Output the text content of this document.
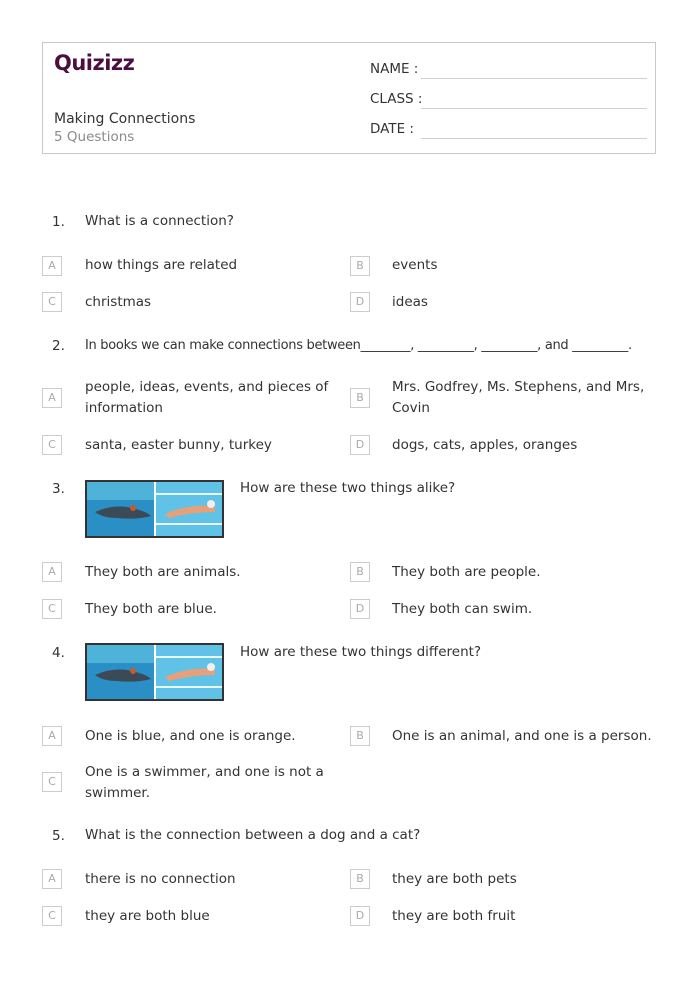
Quizizz
Making Connections
5 Questions
NAME :
CLASS :
DATE :
1. What is a connection?
A	how things are related	B	events
C	christmas	D	ideas
2. In books we can make connections between________, _________, _________, and _________.
A
people, ideas, events, and pieces of information
B
Mrs. Godfrey, Ms. Stephens, and Mrs, Covin
C	santa, easter bunny, turkey	D	dogs, cats, apples, oranges
3.	How are these two things alike?
A	They both are animals.	B	They both are people.
C	They both are blue.	D	They both can swim.
4.	How are these two things different?
A	One is blue, and one is orange.	B	One is an animal, and one is a person.
C
One is a swimmer, and one is not a swimmer.
5. What is the connection between a dog and a cat?
A	there is no connection	B	they are both pets
C	they are both blue	D	they are both fruit
